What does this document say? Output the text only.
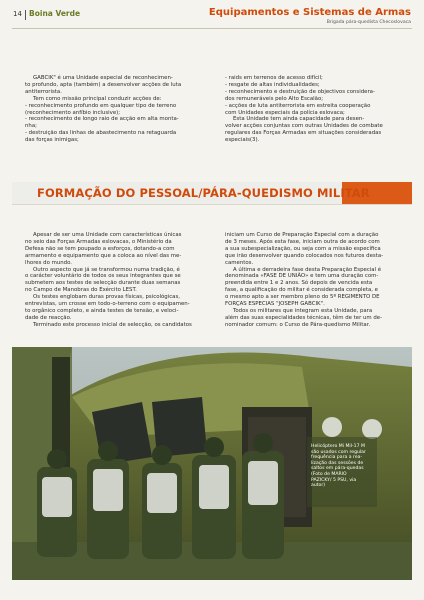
14 Boina Verde	Equipamentos e Sistemas de Armas
Brigada pára-quedista Checoslovaca

GABCIK" é uma Unidade especial de reconhecimen-

to profundo, apta (também) a desenvolver acções de luta

antiterrorista.

Tem como missão principal conduzir acções de:

- reconhecimento profundo em qualquer tipo de terreno

(reconhecimento anfíbio inclusive);

- reconhecimento de longo raio de acção em alta monta-

nha;

- destruição das linhas de abastecimento na retaguarda

das forças inimigas;

- raids em terrenos de acesso difícil;

- resgate de altas individualidades;

- reconhecimento e destruição de objectivos considera-

dos remuneráveis pelo Alto Escalão;

- acções de luta antiterrorista em estreita cooperação

com Unidades especiais da polícia eslovaca;

Esta Unidade tem ainda capacidade para desen-

volver acções conjuntas com outras Unidades de combate

regulares das Forças Armadas em situações consideradas

especiais(3).

FORMAÇÃO DO PESSOAL/PÁRA-QUEDISMO MILITAR

Apesar de ser uma Unidade com características únicas

no seio das Forças Armadas eslovacas, o Ministério da

Defesa não se tem poupado a esforços, dotando-a com

armamento e equipamento que a coloca ao nível das me-

lhores do mundo.

Outro aspecto que já se transformou numa tradição, é

o carácter voluntário de todos os seus integrantes que se

submetem aos testes de selecção durante duas semanas

no Campo de Manobras do Exército LEST.

Os testes englobam duras provas físicas, psicológicas,

entrevistas, um crosse em todo-o-terreno com o equipamen-

to orgânico completo, e ainda testes de tensão, e veloci-

dade de reacção.

Terminado este processo inicial de selecção, os candidatos

iniciam um Curso de Preparação Especial com a duração

de 3 meses. Após esta fase, iniciam outra de acordo com

a sua subespecialização, ou seja com a missão específica

que irão desenvolver quando colocados nos futuros desta-

camentos.

A última e derradeira fase desta Preparação Especial é

denominada «FASE DE UNIÃO» e tem uma duração com-

preendida entre 1 e 2 anos. Só depois de vencida esta

fase, a qualificação do militar é considerada completa, e

o mesmo apto a ser membro pleno do 5º REGIMENTO DE

FORÇAS ESPECIAS "JOSEPH GABCIK".

Todos os militares que integram esta Unidade, para

além das suas especialidades técnicas, têm de ter um de-

nominador comum: o Curso de Pára-quedismo Militar.

Helicóptero Mi Mil-17 M
são usados com regular
frequência para a rea-
lização das sessões de
saltos em pára-quedas
(Foto de MARIO
PAZICKY/ 5 PSU, via
autor)
